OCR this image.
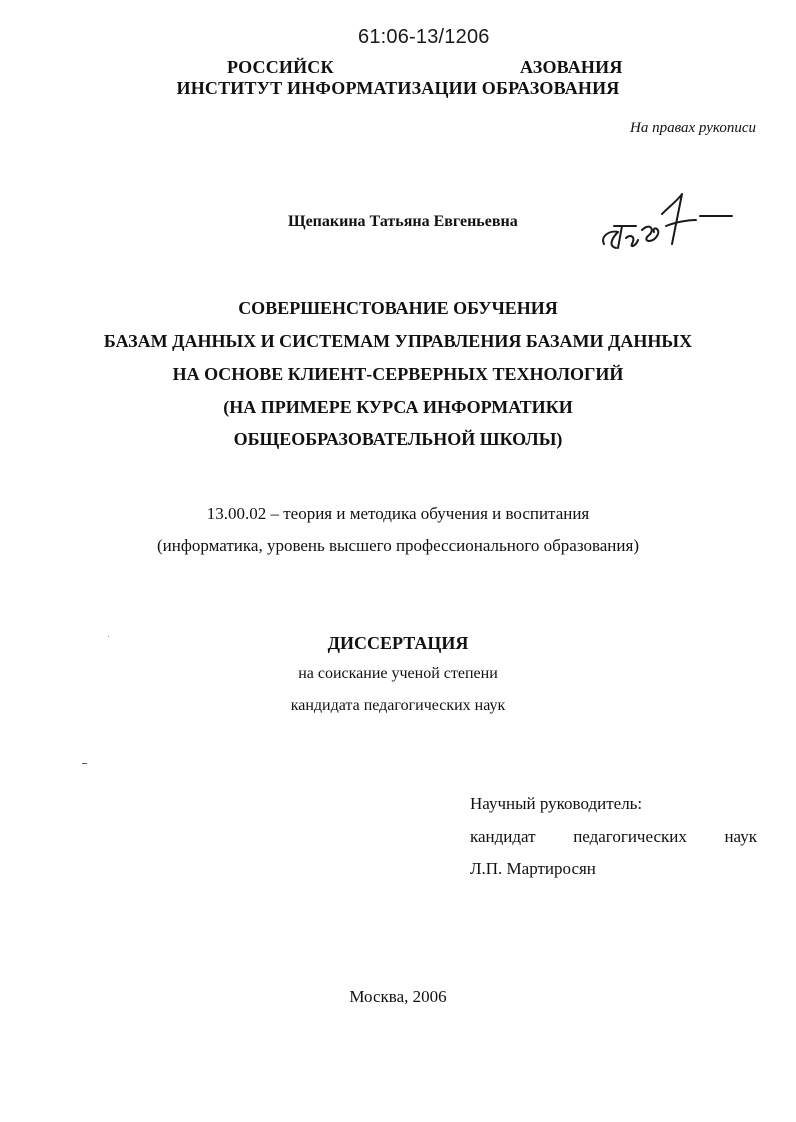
61:06-13/1206
РОССИЙСК	АЗОВАНИЯ
ИНСТИТУТ ИНФОРМАТИЗАЦИИ ОБРАЗОВАНИЯ
На правах рукописи
Щепакина Татьяна Евгеньевна
СОВЕРШЕНСТОВАНИЕ ОБУЧЕНИЯ
БАЗАМ ДАННЫХ И СИСТЕМАМ УПРАВЛЕНИЯ БАЗАМИ ДАННЫХ
НА ОСНОВЕ КЛИЕНТ-СЕРВЕРНЫХ ТЕХНОЛОГИЙ
(НА ПРИМЕРЕ КУРСА ИНФОРМАТИКИ
ОБЩЕОБРАЗОВАТЕЛЬНОЙ ШКОЛЫ)
13.00.02 – теория и методика обучения и воспитания
(информатика, уровень высшего профессионального образования)
ДИССЕРТАЦИЯ
на соискание ученой степени
кандидата педагогических наук
Научный руководитель:
кандидат педагогических наук
Л.П. Мартиросян
Москва, 2006
